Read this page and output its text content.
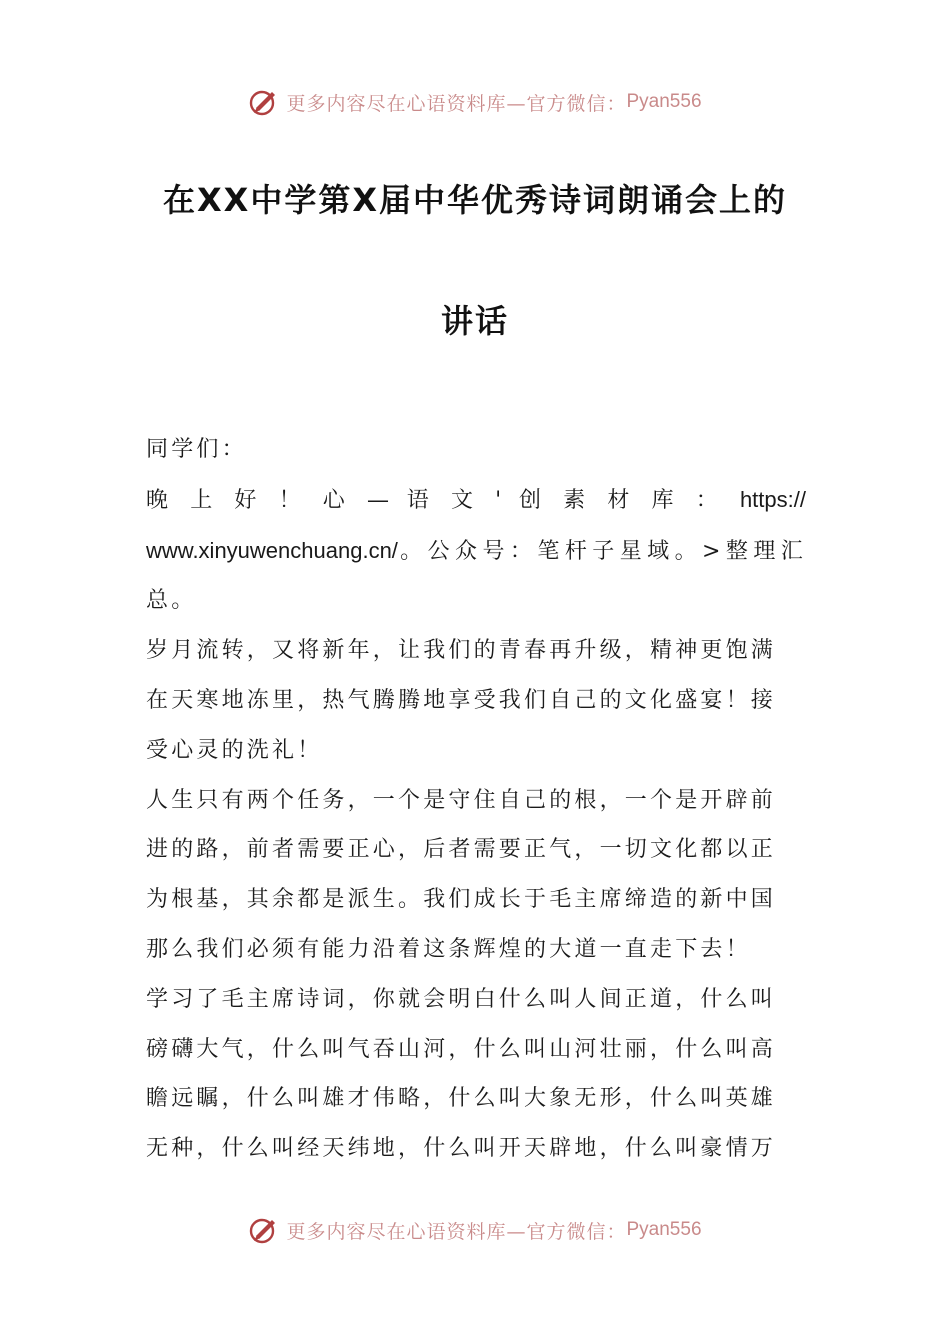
更多内容尽在心语资料库—官方微信： Pyan556
在XX中学第X届中华优秀诗词朗诵会上的
讲话

同学们：

晚 上 好 ！ 心 — 语 文 ' 创 素 材 库 ： https://

www.xinyuwenchuang.cn/。公众号：笔杆子星域。>整理汇

总。

岁月流转，又将新年，让我们的青春再升级，精神更饱满

在天寒地冻里，热气腾腾地享受我们自己的文化盛宴！接

受心灵的洗礼！

人生只有两个任务，一个是守住自己的根，一个是开辟前

进的路，前者需要正心，后者需要正气，一切文化都以正

为根基，其余都是派生。我们成长于毛主席缔造的新中国

那么我们必须有能力沿着这条辉煌的大道一直走下去！

学习了毛主席诗词，你就会明白什么叫人间正道，什么叫

磅礴大气，什么叫气吞山河，什么叫山河壮丽，什么叫高

瞻远瞩，什么叫雄才伟略，什么叫大象无形，什么叫英雄

无种，什么叫经天纬地，什么叫开天辟地，什么叫豪情万

更多内容尽在心语资料库—官方微信： Pyan556
